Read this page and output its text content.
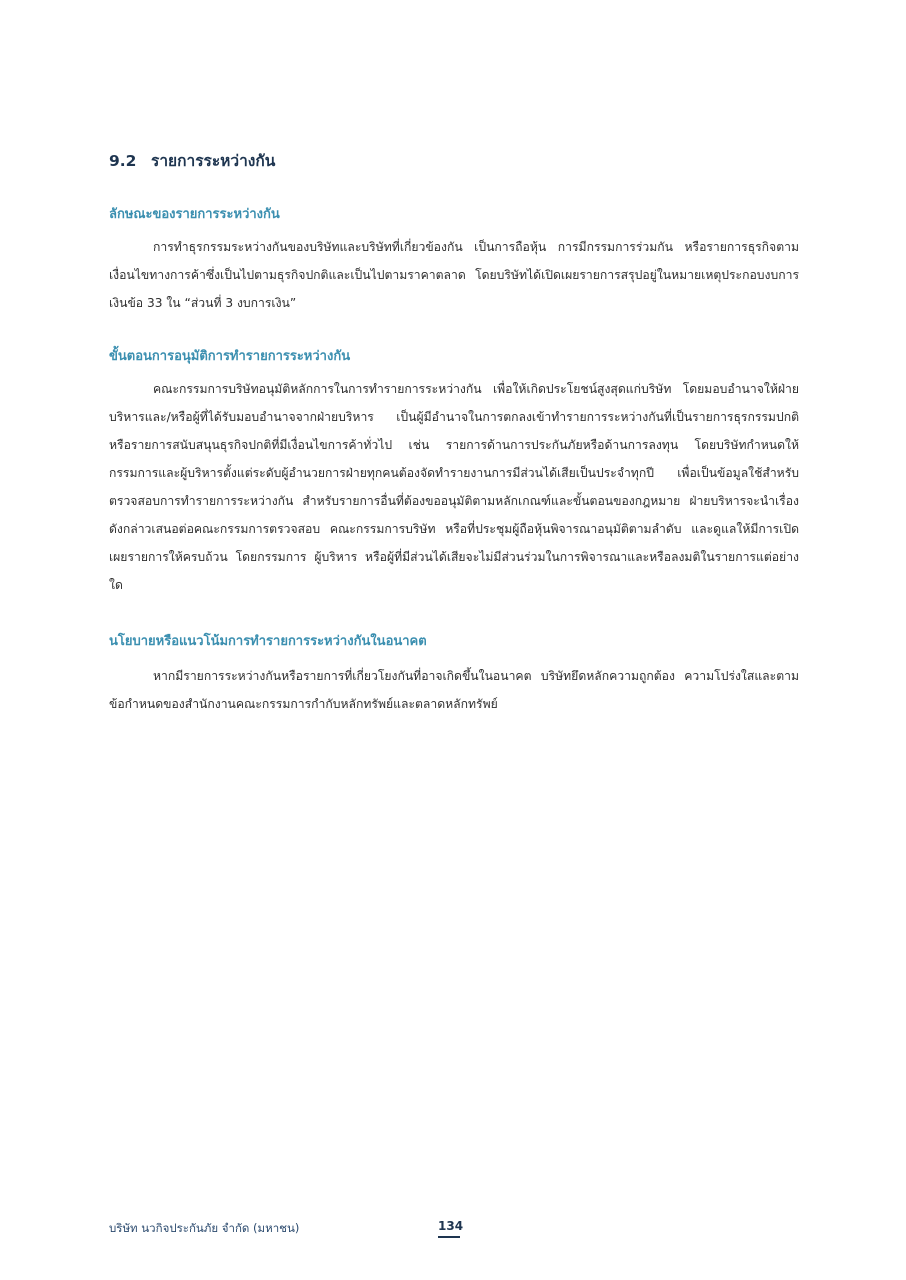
9.2 รายการระหว่างกัน
ลักษณะของรายการระหว่างกัน

การทำธุรกรรมระหว่างกันของบริษัทและบริษัทที่เกี่ยวข้องกัน เป็นการถือหุ้น การมีกรรมการร่วมกัน หรือรายการธุรกิจตามเงื่อนไขทางการค้าซึ่งเป็นไปตามธุรกิจปกติและเป็นไปตามราคาตลาด โดยบริษัทได้เปิดเผยรายการสรุปอยู่ในหมายเหตุประกอบงบการเงินข้อ 33 ใน “ส่วนที่ 3 งบการเงิน”

ขั้นตอนการอนุมัติการทำรายการระหว่างกัน

คณะกรรมการบริษัทอนุมัติหลักการในการทำรายการระหว่างกัน เพื่อให้เกิดประโยชน์สูงสุดแก่บริษัท โดยมอบอำนาจให้ฝ่ายบริหารและ/หรือผู้ที่ได้รับมอบอำนาจจากฝ่ายบริหาร เป็นผู้มีอำนาจในการตกลงเข้าทำรายการระหว่างกันที่เป็นรายการธุรกรรมปกติหรือรายการสนับสนุนธุรกิจปกติที่มีเงื่อนไขการค้าทั่วไป เช่น รายการด้านการประกันภัยหรือด้านการลงทุน โดยบริษัทกำหนดให้กรรมการและผู้บริหารตั้งแต่ระดับผู้อำนวยการฝ่ายทุกคนต้องจัดทำรายงานการมีส่วนได้เสียเป็นประจำทุกปี เพื่อเป็นข้อมูลใช้สำหรับตรวจสอบการทำรายการระหว่างกัน สำหรับรายการอื่นที่ต้องขออนุมัติตามหลักเกณฑ์และขั้นตอนของกฎหมาย ฝ่ายบริหารจะนำเรื่องดังกล่าวเสนอต่อคณะกรรมการตรวจสอบ คณะกรรมการบริษัท หรือที่ประชุมผู้ถือหุ้นพิจารณาอนุมัติตามลำดับ และดูแลให้มีการเปิดเผยรายการให้ครบถ้วน โดยกรรมการ ผู้บริหาร หรือผู้ที่มีส่วนได้เสียจะไม่มีส่วนร่วมในการพิจารณาและหรือลงมติในรายการแต่อย่างใด

นโยบายหรือแนวโน้มการทำรายการระหว่างกันในอนาคต

หากมีรายการระหว่างกันหรือรายการที่เกี่ยวโยงกันที่อาจเกิดขึ้นในอนาคต บริษัทยึดหลักความถูกต้อง ความโปร่งใสและตามข้อกำหนดของสำนักงานคณะกรรมการกำกับหลักทรัพย์และตลาดหลักทรัพย์

บริษัท นวกิจประกันภัย จำกัด (มหาชน)	134
